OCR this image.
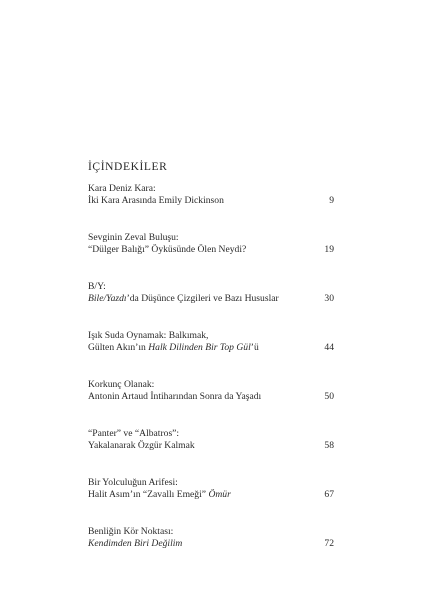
İÇİNDEKİLER
Kara Deniz Kara:
İki Kara Arasında Emily Dickinson	9
Sevginin Zeval Buluşu:
“Dülger Balığı” Öyküsünde Ölen Neydi?	19
B/Y:
Bile/Yazdı’da Düşünce Çizgileri ve Bazı Hususlar	30
Işık Suda Oynamak: Balkımak,
Gülten Akın’ın Halk Dilinden Bir Top Gül’ü	44
Korkunç Olanak:
Antonin Artaud İntiharından Sonra da Yaşadı	50
“Panter” ve “Albatros”:
Yakalanarak Özgür Kalmak	58
Bir Yolculuğun Arifesi:
Halit Asım’ın “Zavallı Emeği” Ömür	67
Benliğin Kör Noktası:
Kendimden Biri Değilim	72
